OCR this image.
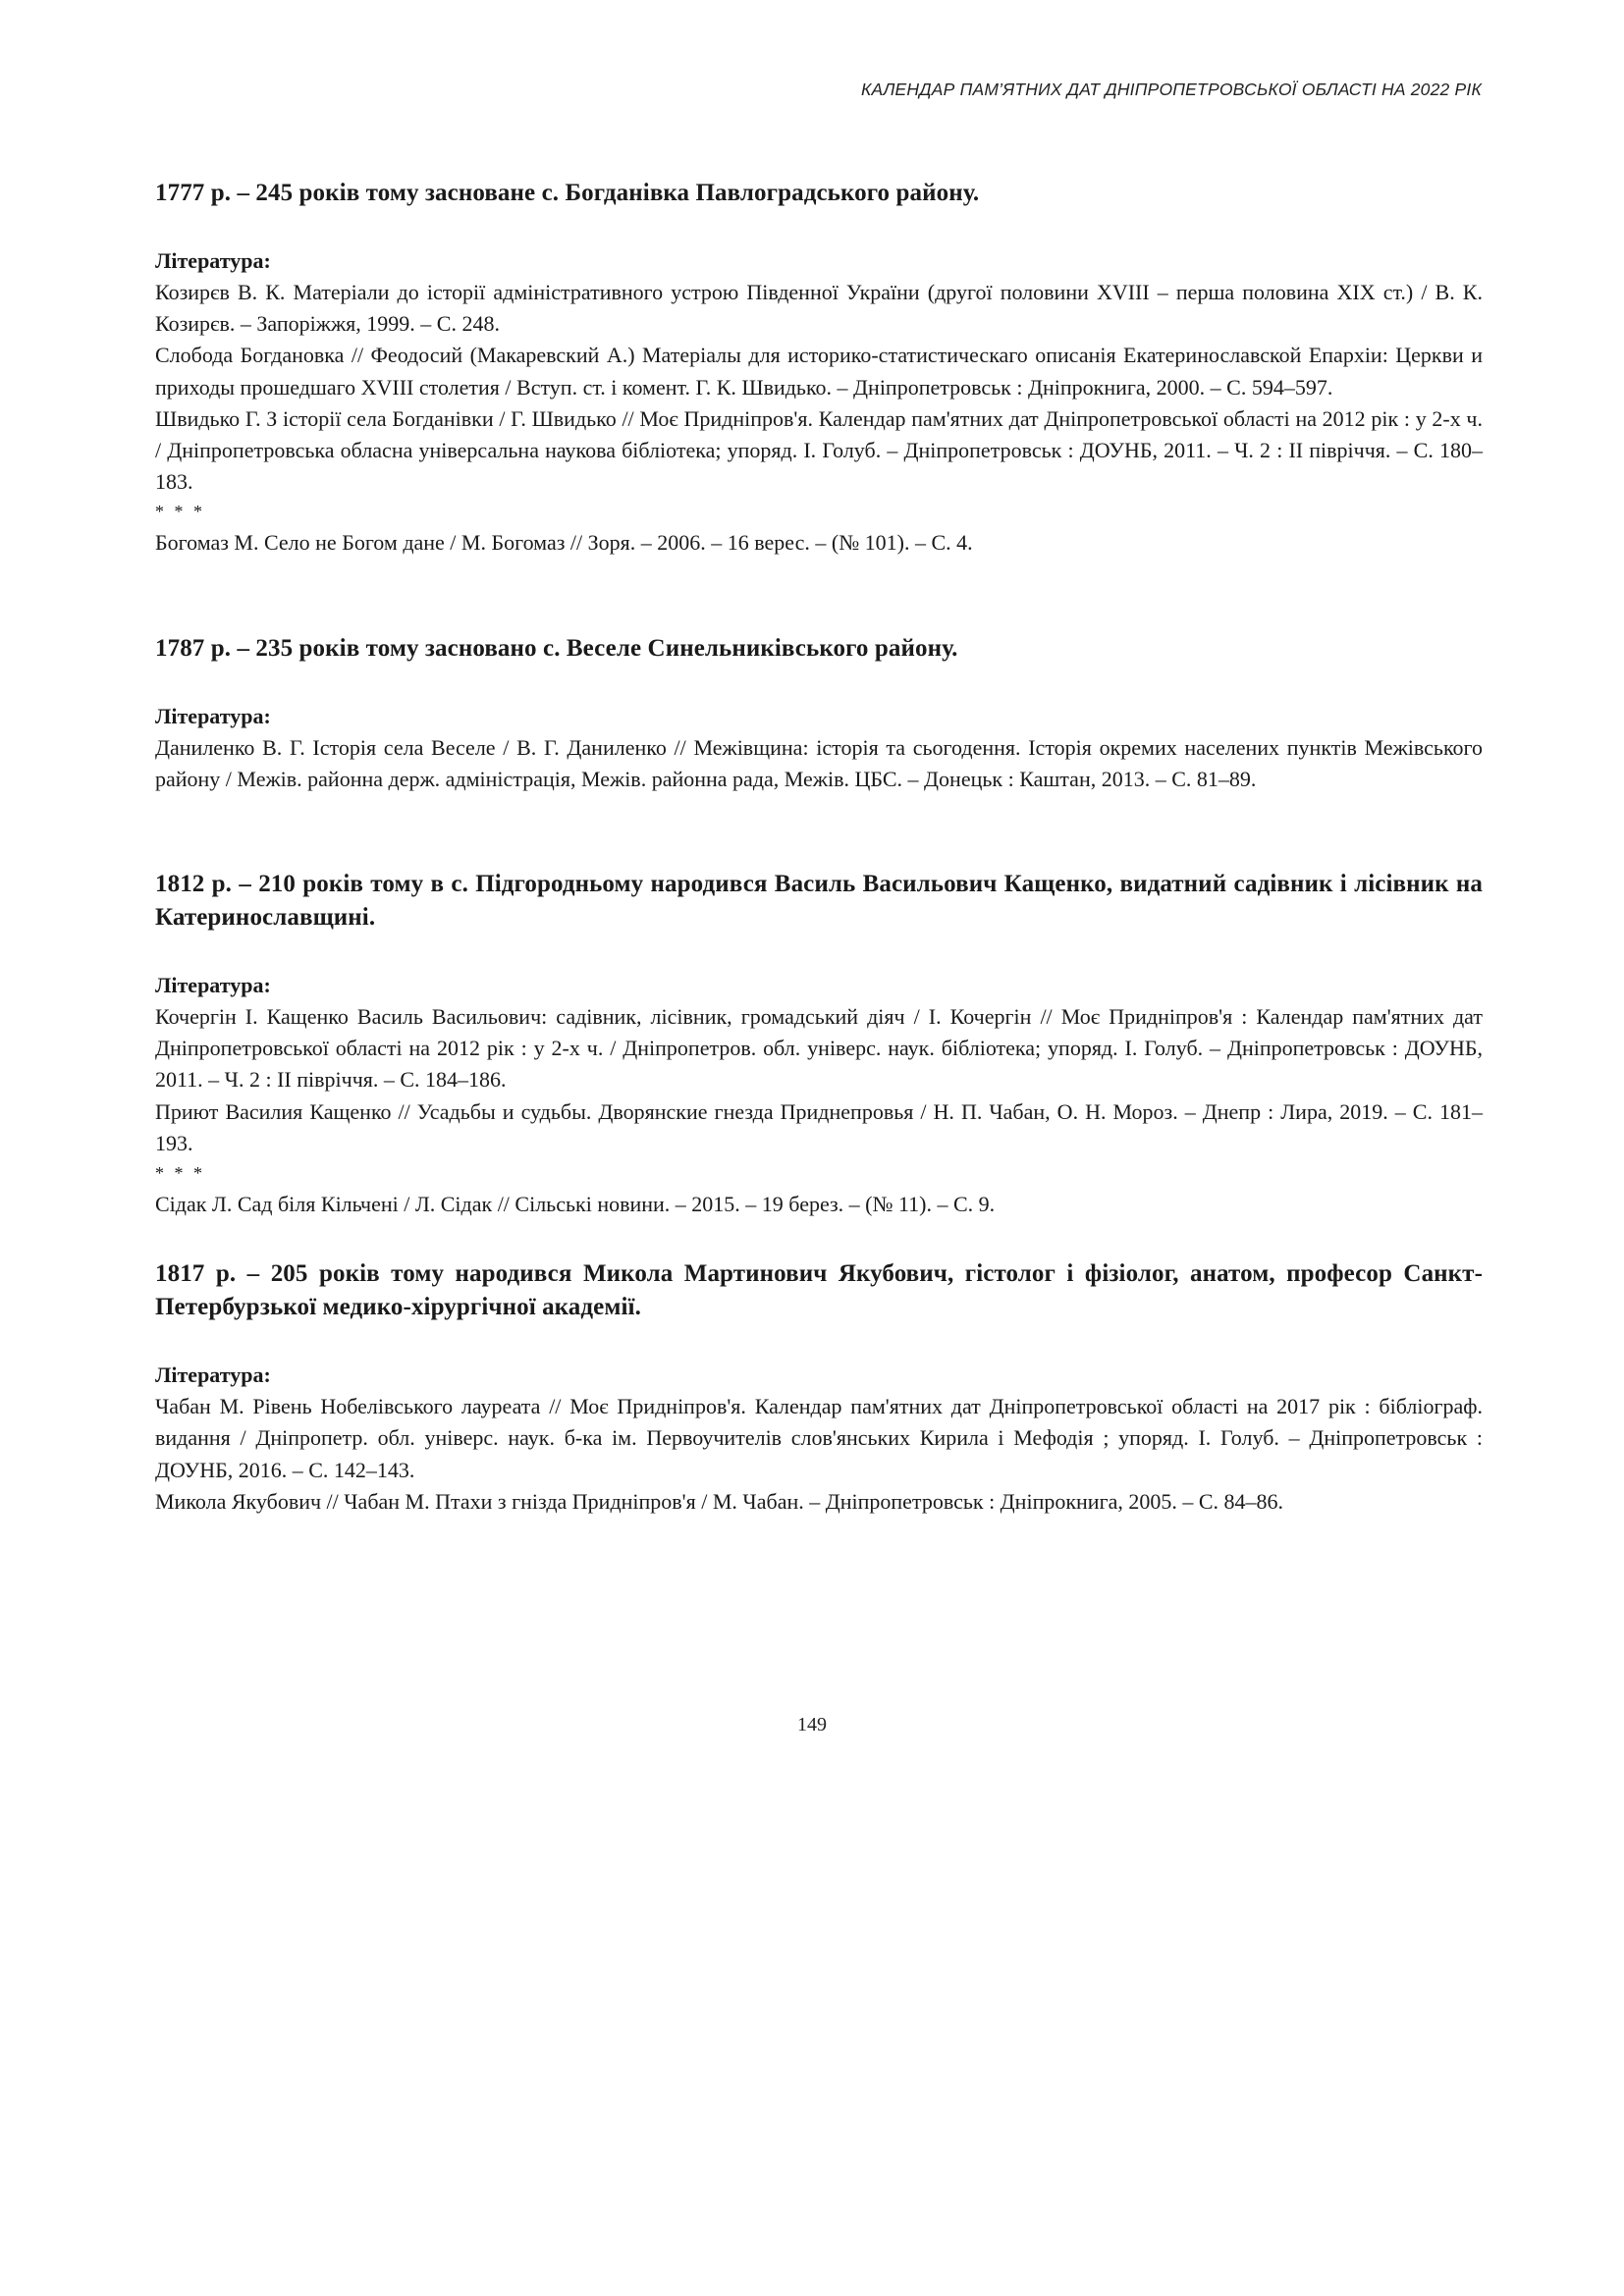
КАЛЕНДАР ПАМ’ЯТНИХ ДАТ ДНІПРОПЕТРОВСЬКОЇ ОБЛАСТІ НА 2022 РІК
1777 р. – 245 років тому засноване с. Богданівка Павлоградського району.

Література:

Козирєв В. К. Матеріали до історії адміністративного устрою Південної України (другої половини XVIII – перша половина XIX ст.) / В. К. Козирєв. – Запоріжжя, 1999. – С. 248.

Слобода Богдановка // Феодосий (Макаревский А.) Матеріалы для историко-статистическаго описанія Екатеринославской Епархіи: Церкви и приходы прошедшаго XVIII столетия / Вступ. ст. і комент. Г. К. Швидько. – Дніпропетровськ : Дніпрокнига, 2000. – С. 594–597.

Швидько Г. З історії села Богданівки / Г. Швидько // Моє Придніпров'я. Календар пам'ятних дат Дніпропетровської області на 2012 рік : у 2-х ч. / Дніпропетровська обласна універсальна наукова бібліотека; упоряд. І. Голуб. – Дніпропетровськ : ДОУНБ, 2011. – Ч. 2 : ІІ півріччя. – С. 180–183.

* * *

Богомаз М. Село не Богом дане / М. Богомаз // Зоря. – 2006. – 16 верес. – (№ 101). – С. 4.

1787 р. – 235 років тому засновано с. Веселе Синельниківського району.

Література:

Даниленко В. Г. Історія села Веселе / В. Г. Даниленко // Межівщина: історія та сьогодення. Історія окремих населених пунктів Межівського району / Межів. районна держ. адміністрація, Межів. районна рада, Межів. ЦБС. – Донецьк : Каштан, 2013. – С. 81–89.

1812 р. – 210 років тому в с. Підгородньому народився Василь Васильович Кащенко, видатний садівник і лісівник на Катеринославщині.

Література:

Кочергін І. Кащенко Василь Васильович: садівник, лісівник, громадський діяч / І. Кочергін // Моє Придніпров'я : Календар пам'ятних дат Дніпропетровської області на 2012 рік : у 2-х ч. / Дніпропетров. обл. універс. наук. бібліотека; упоряд. І. Голуб. – Дніпропетровськ : ДОУНБ, 2011. – Ч. 2 : ІІ півріччя. – С. 184–186.

Приют Василия Кащенко // Усадьбы и судьбы. Дворянские гнезда Приднепровья / Н. П. Чабан, О. Н. Мороз. – Днепр : Лира, 2019. – С. 181–193.

* * *

Сідак Л. Сад біля Кільчені / Л. Сідак // Сільські новини. – 2015. – 19 берез. – (№ 11). – С. 9.

1817 р. – 205 років тому народився Микола Мартинович Якубович, гістолог і фізіолог, анатом, професор Санкт-Петербурзької медико-хірургічної академії.

Література:

Чабан М. Рівень Нобелівського лауреата // Моє Придніпров'я. Календар пам'ятних дат Дніпропетровської області на 2017 рік : бібліограф. видання / Дніпропетр. обл. універс. наук. б-ка ім. Первоучителів слов'янських Кирила і Мефодія ; упоряд. І. Голуб. – Дніпропетровськ : ДОУНБ, 2016. – С. 142–143.

Микола Якубович // Чабан М. Птахи з гнізда Придніпров'я / М. Чабан. – Дніпропетровськ : Дніпрокнига, 2005. – С. 84–86.

149
